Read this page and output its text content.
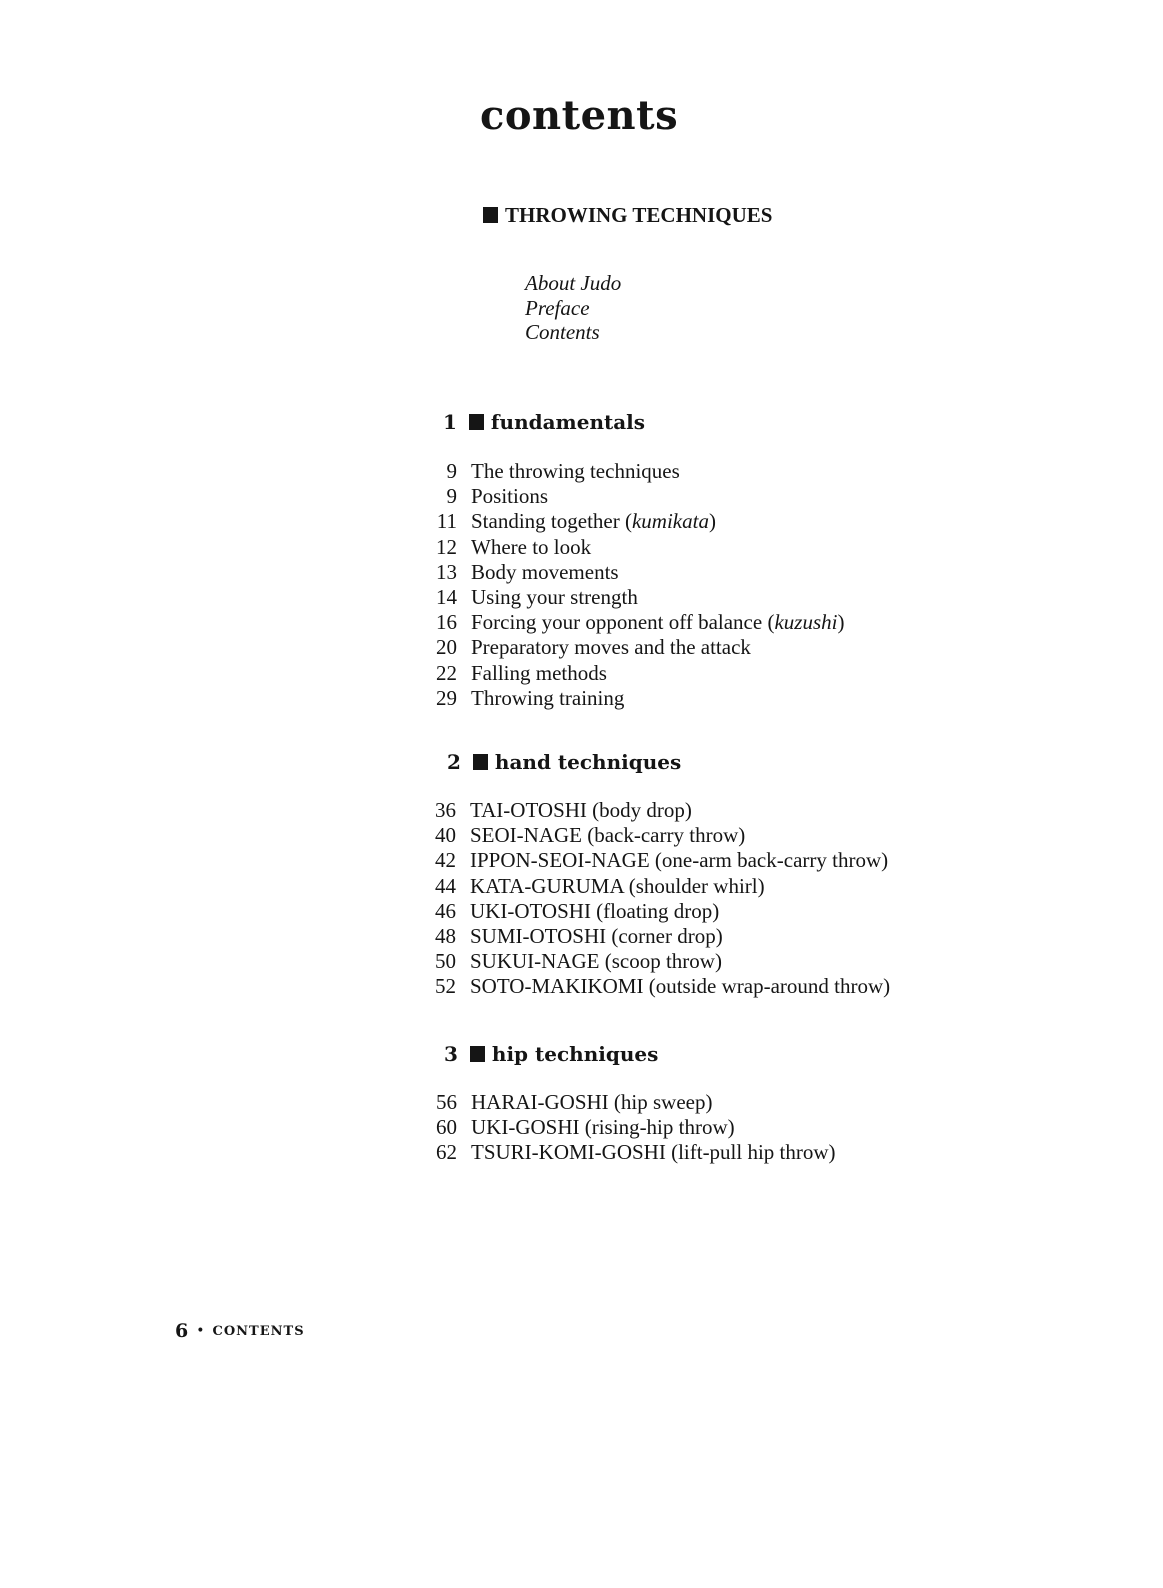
contents
THROWING TECHNIQUES
About Judo
Preface
Contents
1 fundamentals
9 The throwing techniques
9 Positions
11 Standing together (kumikata)
12 Where to look
13 Body movements
14 Using your strength
16 Forcing your opponent off balance (kuzushi)
20 Preparatory moves and the attack
22 Falling methods
29 Throwing training
2 hand techniques
36 TAI-OTOSHI (body drop)
40 SEOI-NAGE (back-carry throw)
42 IPPON-SEOI-NAGE (one-arm back-carry throw)
44 KATA-GURUMA (shoulder whirl)
46 UKI-OTOSHI (floating drop)
48 SUMI-OTOSHI (corner drop)
50 SUKUI-NAGE (scoop throw)
52 SOTO-MAKIKOMI (outside wrap-around throw)
3 hip techniques
56 HARAI-GOSHI (hip sweep)
60 UKI-GOSHI (rising-hip throw)
62 TSURI-KOMI-GOSHI (lift-pull hip throw)
6 • CONTENTS
